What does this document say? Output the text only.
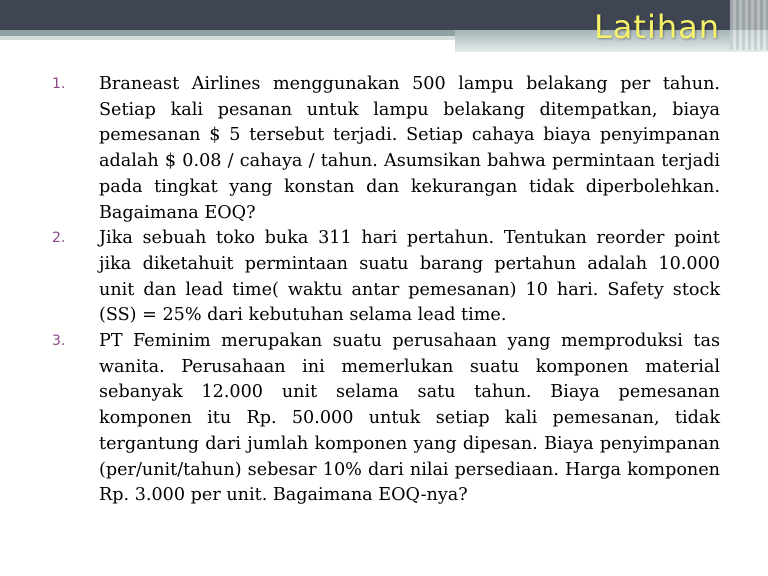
Latihan
1. Braneast Airlines menggunakan 500 lampu belakang per tahun. Setiap kali pesanan untuk lampu belakang ditempatkan, biaya pemesanan $ 5 tersebut terjadi. Setiap cahaya biaya penyimpanan adalah $ 0.08 / cahaya / tahun. Asumsikan bahwa permintaan terjadi pada tingkat yang konstan dan kekurangan tidak diperbolehkan. Bagaimana EOQ?
2. Jika sebuah toko buka 311 hari pertahun. Tentukan reorder point jika diketahuit permintaan suatu barang pertahun adalah 10.000 unit dan lead time( waktu antar pemesanan) 10 hari. Safety stock (SS) = 25% dari kebutuhan selama lead time.
3. PT Feminim merupakan suatu perusahaan yang memproduksi tas wanita. Perusahaan ini memerlukan suatu komponen material sebanyak 12.000 unit selama satu tahun. Biaya pemesanan komponen itu Rp. 50.000 untuk setiap kali pemesanan, tidak tergantung dari jumlah komponen yang dipesan. Biaya penyimpanan (per/unit/tahun) sebesar 10% dari nilai persediaan. Harga komponen Rp. 3.000 per unit. Bagaimana EOQ-nya?
